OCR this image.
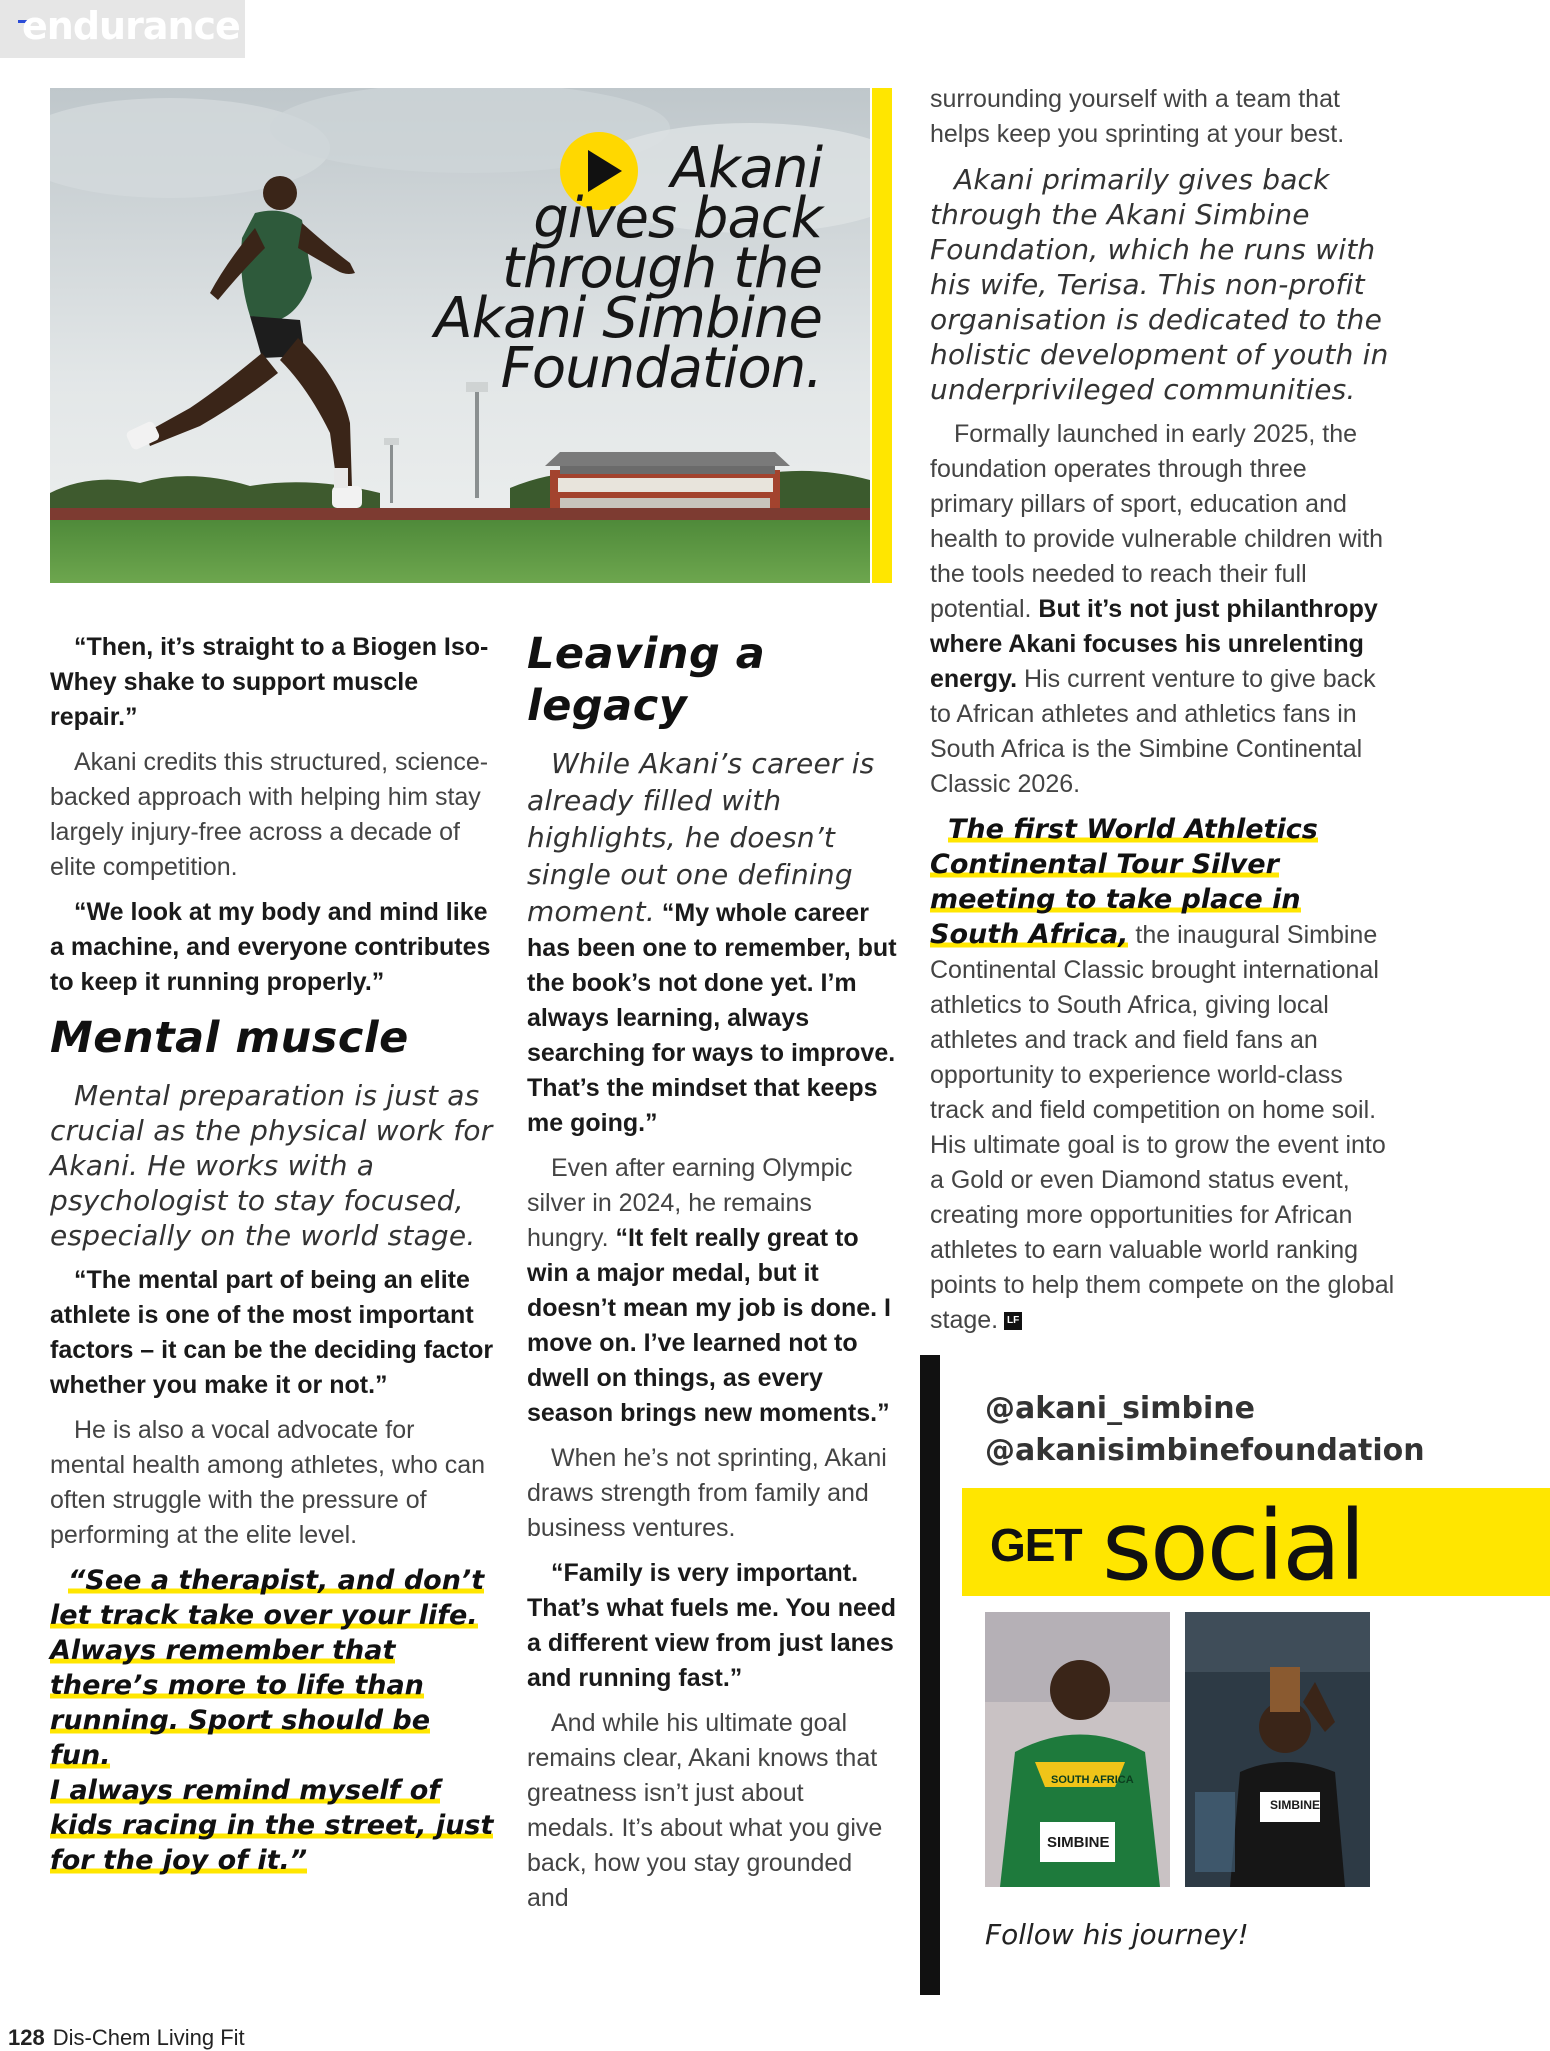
endurance
Akani
gives back
through the
Akani Simbine
Foundation.

“Then, it’s straight to a Biogen Iso-Whey shake to support muscle repair.”

Akani credits this structured, science-backed approach with helping him stay largely injury-free across a decade of elite competition.

“We look at my body and mind like a machine, and everyone contributes to keep it running properly.”

Mental muscle

Mental preparation is just as crucial as the physical work for Akani. He works with a psychologist to stay focused, especially on the world stage.

“The mental part of being an elite athlete is one of the most important factors – it can be the deciding factor whether you make it or not.”

He is also a vocal advocate for mental health among athletes, who can often struggle with the pressure of performing at the elite level.

“See a therapist, and don’t
let track take over your life.
Always remember that
there’s more to life than
running. Sport should be fun.
I always remind myself of
kids racing in the street, just
for the joy of it.”
Leaving a legacy

While Akani’s career is already filled with highlights, he doesn’t single out one defining moment. “My whole career has been one to remember, but the book’s not done yet. I’m always learning, always searching for ways to improve. That’s the mindset that keeps me going.”

Even after earning Olympic silver in 2024, he remains hungry. “It felt really great to win a major medal, but it doesn’t mean my job is done. I move on. I’ve learned not to dwell on things, as every season brings new moments.”

When he’s not sprinting, Akani draws strength from family and business ventures.

“Family is very important. That’s what fuels me. You need a different view from just lanes and running fast.”

And while his ultimate goal remains clear, Akani knows that greatness isn’t just about medals. It’s about what you give back, how you stay grounded and

surrounding yourself with a team that helps keep you sprinting at your best.

Akani primarily gives back through the Akani Simbine Foundation, which he runs with his wife, Terisa. This non-profit organisation is dedicated to the holistic development of youth in underprivileged communities.

Formally launched in early 2025, the foundation operates through three primary pillars of sport, education and health to provide vulnerable children with the tools needed to reach their full potential. But it’s not just philanthropy where Akani focuses his unrelenting energy. His current venture to give back to African athletes and athletics fans in South Africa is the Simbine Continental Classic 2026.

The first World Athletics
Continental Tour Silver
meeting to take place in
South Africa, the inaugural Simbine Continental Classic brought international athletics to South Africa, giving local athletes and track and field fans an opportunity to experience world-class track and field competition on home soil. His ultimate goal is to grow the event into a Gold or even Diamond status event, creating more opportunities for African athletes to earn valuable world ranking points to help them compete on the global stage. LF
@akani_simbine
@akanisimbinefoundation
GET social
SOUTH AFRICA
SIMBINE
SIMBINE
Follow his journey!
128 Dis-Chem Living Fit
